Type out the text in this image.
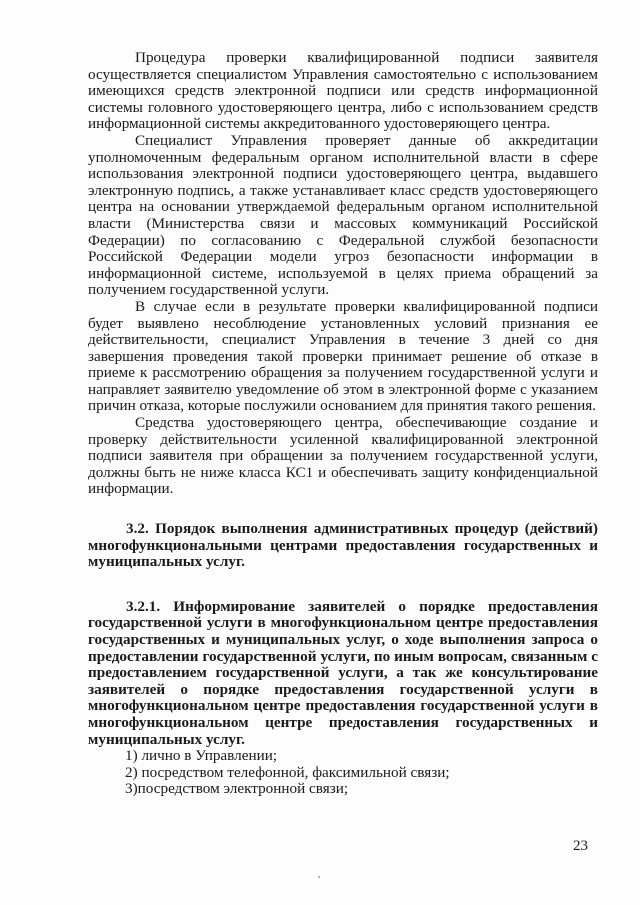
Процедура проверки квалифицированной подписи заявителя осуществляется специалистом Управления самостоятельно с использованием имеющихся средств электронной подписи или средств информационной системы головного удостоверяющего центра, либо с использованием средств информационной системы аккредитованного удостоверяющего центра.

Специалист Управления проверяет данные об аккредитации уполномоченным федеральным органом исполнительной власти в сфере использования электронной подписи удостоверяющего центра, выдавшего электронную подпись, а также устанавливает класс средств удостоверяющего центра на основании утверждаемой федеральным органом исполнительной власти (Министерства связи и массовых коммуникаций Российской Федерации) по согласованию с Федеральной службой безопасности Российской Федерации модели угроз безопасности информации в информационной системе, используемой в целях приема обращений за получением государственной услуги.

В случае если в результате проверки квалифицированной подписи будет выявлено несоблюдение установленных условий признания ее действительности, специалист Управления в течение 3 дней со дня завершения проведения такой проверки принимает решение об отказе в приеме к рассмотрению обращения за получением государственной услуги и направляет заявителю уведомление об этом в электронной форме с указанием причин отказа, которые послужили основанием для принятия такого решения.

Средства удостоверяющего центра, обеспечивающие создание и проверку действительности усиленной квалифицированной электронной подписи заявителя при обращении за получением государственной услуги, должны быть не ниже класса КС1 и обеспечивать защиту конфиденциальной информации.

3.2. Порядок выполнения административных процедур (действий) многофункциональными центрами предоставления государственных и муниципальных услуг.

3.2.1. Информирование заявителей о порядке предоставления государственной услуги в многофункциональном центре предоставления государственных и муниципальных услуг, о ходе выполнения запроса о предоставлении государственной услуги, по иным вопросам, связанным с предоставлением государственной услуги, а так же консультирование заявителей о порядке предоставления государственной услуги в многофункциональном центре предоставления государственной услуги в многофункциональном центре предоставления государственных и муниципальных услуг.

1) лично в Управлении;

2) посредством телефонной, факсимильной связи;

3)посредством электронной связи;

23
